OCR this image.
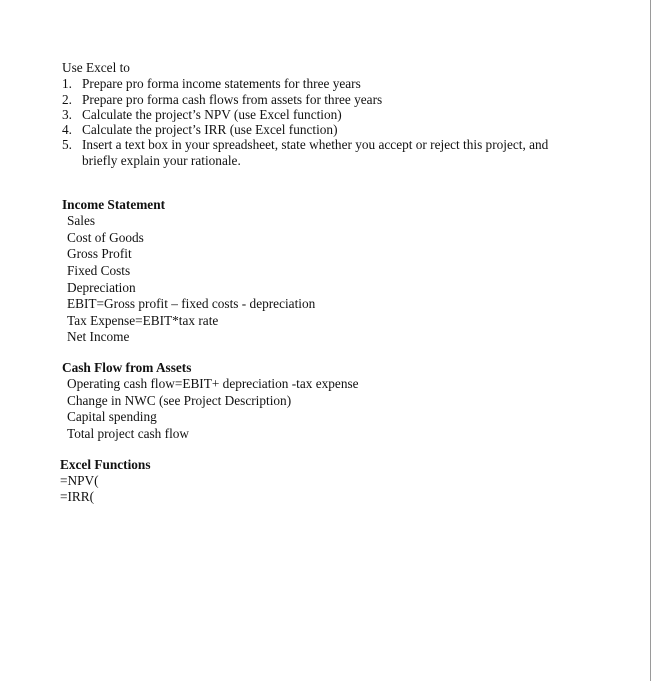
Use Excel to
1. Prepare pro forma income statements for three years
2. Prepare pro forma cash flows from assets for three years
3. Calculate the project’s NPV (use Excel function)
4. Calculate the project’s IRR (use Excel function)
5. Insert a text box in your spreadsheet, state whether you accept or reject this project, and
briefly explain your rationale.
Income Statement
Sales
Cost of Goods
Gross Profit
Fixed Costs
Depreciation
EBIT=Gross profit – fixed costs - depreciation
Tax Expense=EBIT*tax rate
Net Income
Cash Flow from Assets
Operating cash flow=EBIT+ depreciation -tax expense
Change in NWC (see Project Description)
Capital spending
Total project cash flow
Excel Functions
=NPV(
=IRR(
